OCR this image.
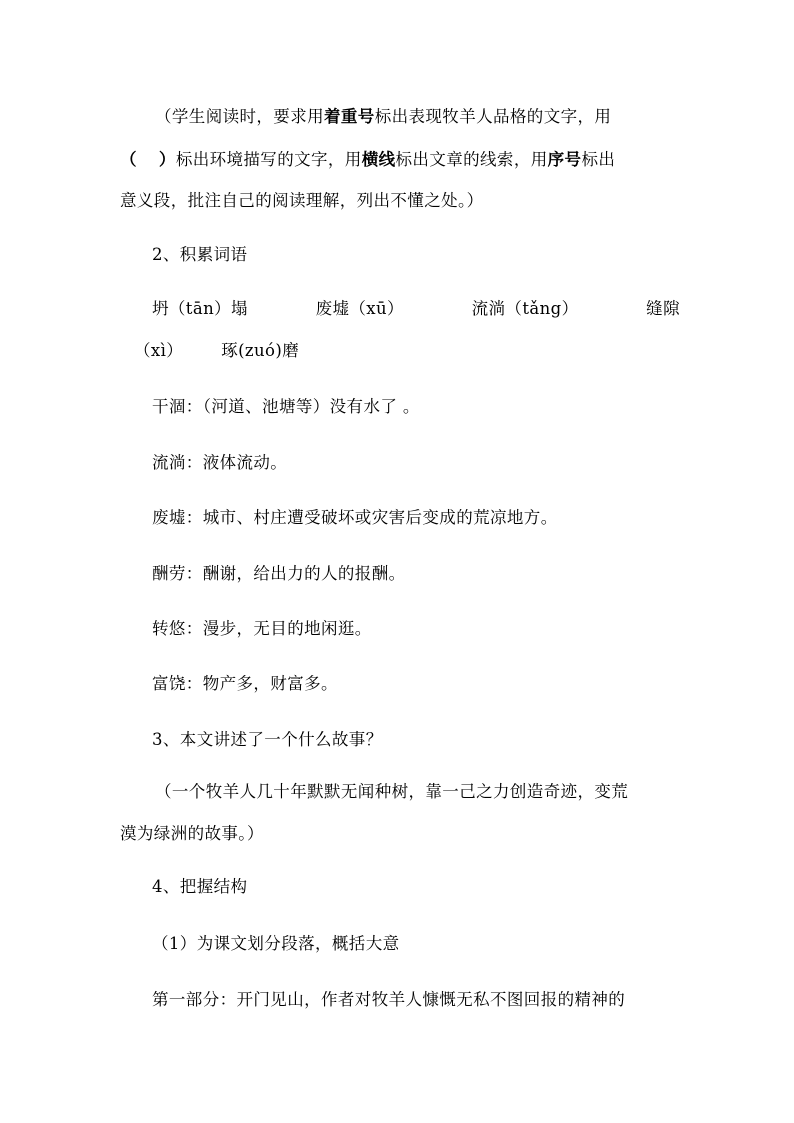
（学生阅读时，要求用着重号标出表现牧羊人品格的文字，用
（ ）标出环境描写的文字，用横线标出文章的线索，用序号标出
意义段，批注自己的阅读理解，列出不懂之处。）
2、积累词语
坍（tān）塌	废墟（xū）	流淌（tǎng）	缝隙
（xì） 琢(zuó)磨
干涸：（河道、池塘等）没有水了 。
流淌：液体流动。
废墟：城市、村庄遭受破坏或灾害后变成的荒凉地方。
酬劳：酬谢，给出力的人的报酬。
转悠：漫步，无目的地闲逛。
富饶：物产多，财富多。
3、本文讲述了一个什么故事？
（一个牧羊人几十年默默无闻种树，靠一己之力创造奇迹，变荒
漠为绿洲的故事。）
4、把握结构
（1）为课文划分段落，概括大意
第一部分：开门见山，作者对牧羊人慷慨无私不图回报的精神的
